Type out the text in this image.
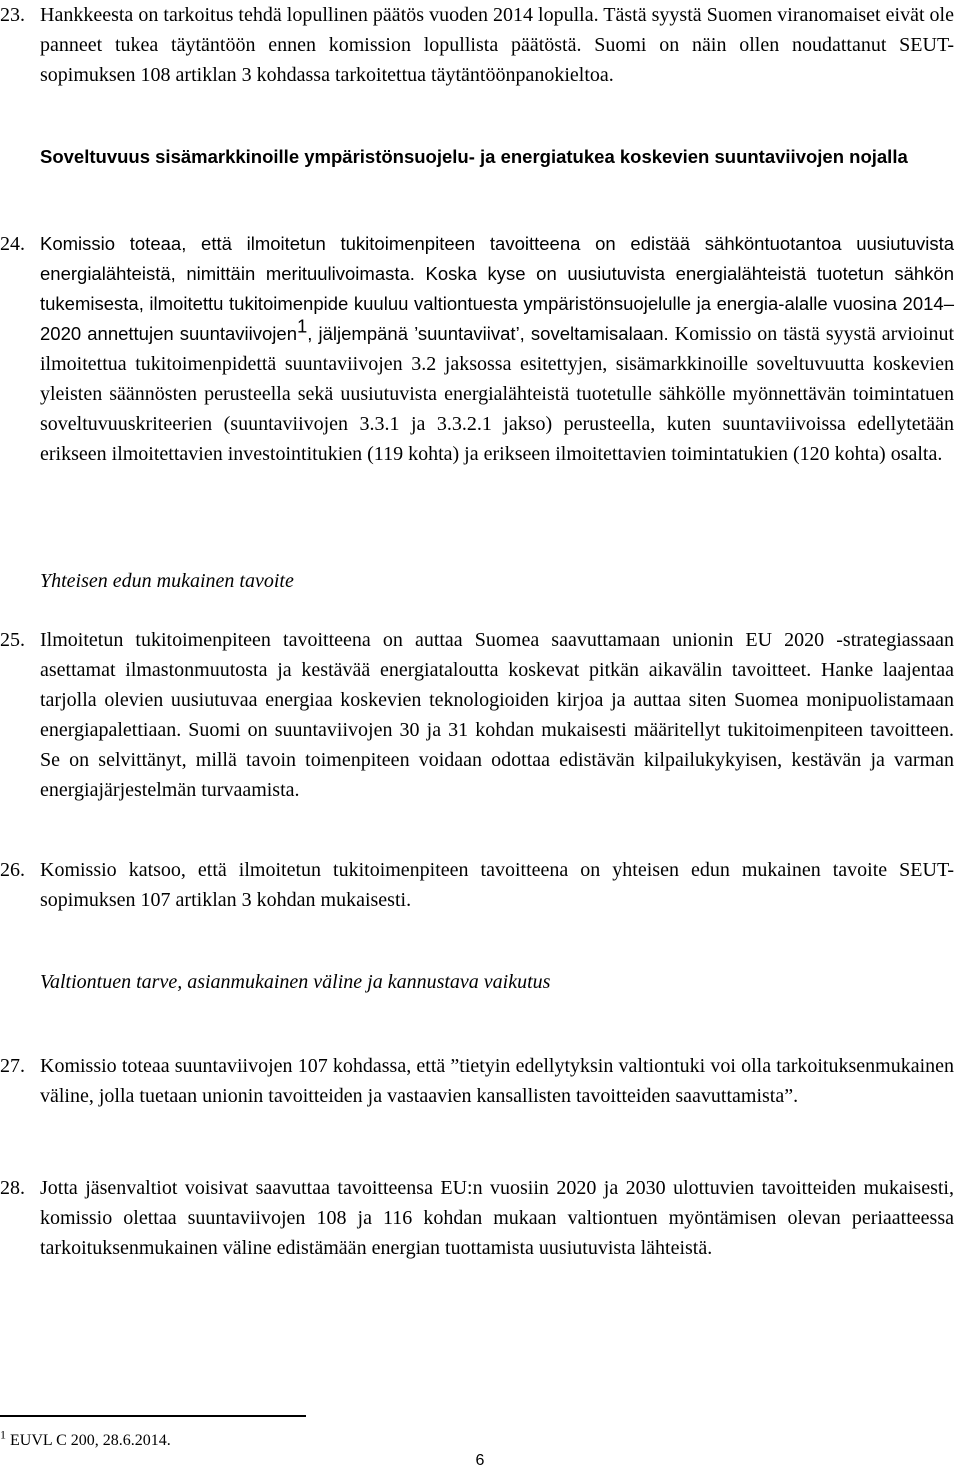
23. Hankkeesta on tarkoitus tehdä lopullinen päätös vuoden 2014 lopulla. Tästä syystä Suomen viranomaiset eivät ole panneet tukea täytäntöön ennen komission lopullista päätöstä. Suomi on näin ollen noudattanut SEUT-sopimuksen 108 artiklan 3 kohdassa tarkoitettua täytäntöönpanokieltoa.
Soveltuvuus sisämarkkinoille ympäristönsuojelu- ja energiatukea koskevien suuntaviivojen nojalla
24. Komissio toteaa, että ilmoitetun tukitoimenpiteen tavoitteena on edistää sähköntuotantoa uusiutuvista energialähteistä, nimittäin merituulivoimasta. Koska kyse on uusiutuvista energialähteistä tuotetun sähkön tukemisesta, ilmoitettu tukitoimenpide kuuluu valtiontuesta ympäristönsuojelulle ja energia-alalle vuosina 2014–2020 annettujen suuntaviivojen$^1$, jäljempänä ’suuntaviivat’, soveltamisalaan. Komissio on tästä syystä arvioinut ilmoitettua tukitoimenpidettä suuntaviivojen 3.2 jaksossa esitettyjen, sisämarkkinoille soveltuvuutta koskevien yleisten säännösten perusteella sekä uusiutuvista energialähteistä tuotetulle sähkölle myönnettävän toimintatuen soveltuvuuskriteerien (suuntaviivojen 3.3.1 ja 3.3.2.1 jakso) perusteella, kuten suuntaviivoissa edellytetään erikseen ilmoitettavien investointitukien (119 kohta) ja erikseen ilmoitettavien toimintatukien (120 kohta) osalta.
Yhteisen edun mukainen tavoite
25. Ilmoitetun tukitoimenpiteen tavoitteena on auttaa Suomea saavuttamaan unionin EU 2020 -strategiassaan asettamat ilmastonmuutosta ja kestävää energiataloutta koskevat pitkän aikavälin tavoitteet. Hanke laajentaa tarjolla olevien uusiutuvaa energiaa koskevien teknologioiden kirjoa ja auttaa siten Suomea monipuolistamaan energiapalettiaan. Suomi on suuntaviivojen 30 ja 31 kohdan mukaisesti määritellyt tukitoimenpiteen tavoitteen. Se on selvittänyt, millä tavoin toimenpiteen voidaan odottaa edistävän kilpailukykyisen, kestävän ja varman energiajärjestelmän turvaamista.
26. Komissio katsoo, että ilmoitetun tukitoimenpiteen tavoitteena on yhteisen edun mukainen tavoite SEUT-sopimuksen 107 artiklan 3 kohdan mukaisesti.
Valtiontuen tarve, asianmukainen väline ja kannustava vaikutus
27. Komissio toteaa suuntaviivojen 107 kohdassa, että ”tietyin edellytyksin valtiontuki voi olla tarkoituksenmukainen väline, jolla tuetaan unionin tavoitteiden ja vastaavien kansallisten tavoitteiden saavuttamista”.
28. Jotta jäsenvaltiot voisivat saavuttaa tavoitteensa EU:n vuosiin 2020 ja 2030 ulottuvien tavoitteiden mukaisesti, komissio olettaa suuntaviivojen 108 ja 116 kohdan mukaan valtiontuen myöntämisen olevan periaatteessa tarkoituksenmukainen väline edistämään energian tuottamista uusiutuvista lähteistä.
$^1$ EUVL C 200, 28.6.2014.
6
